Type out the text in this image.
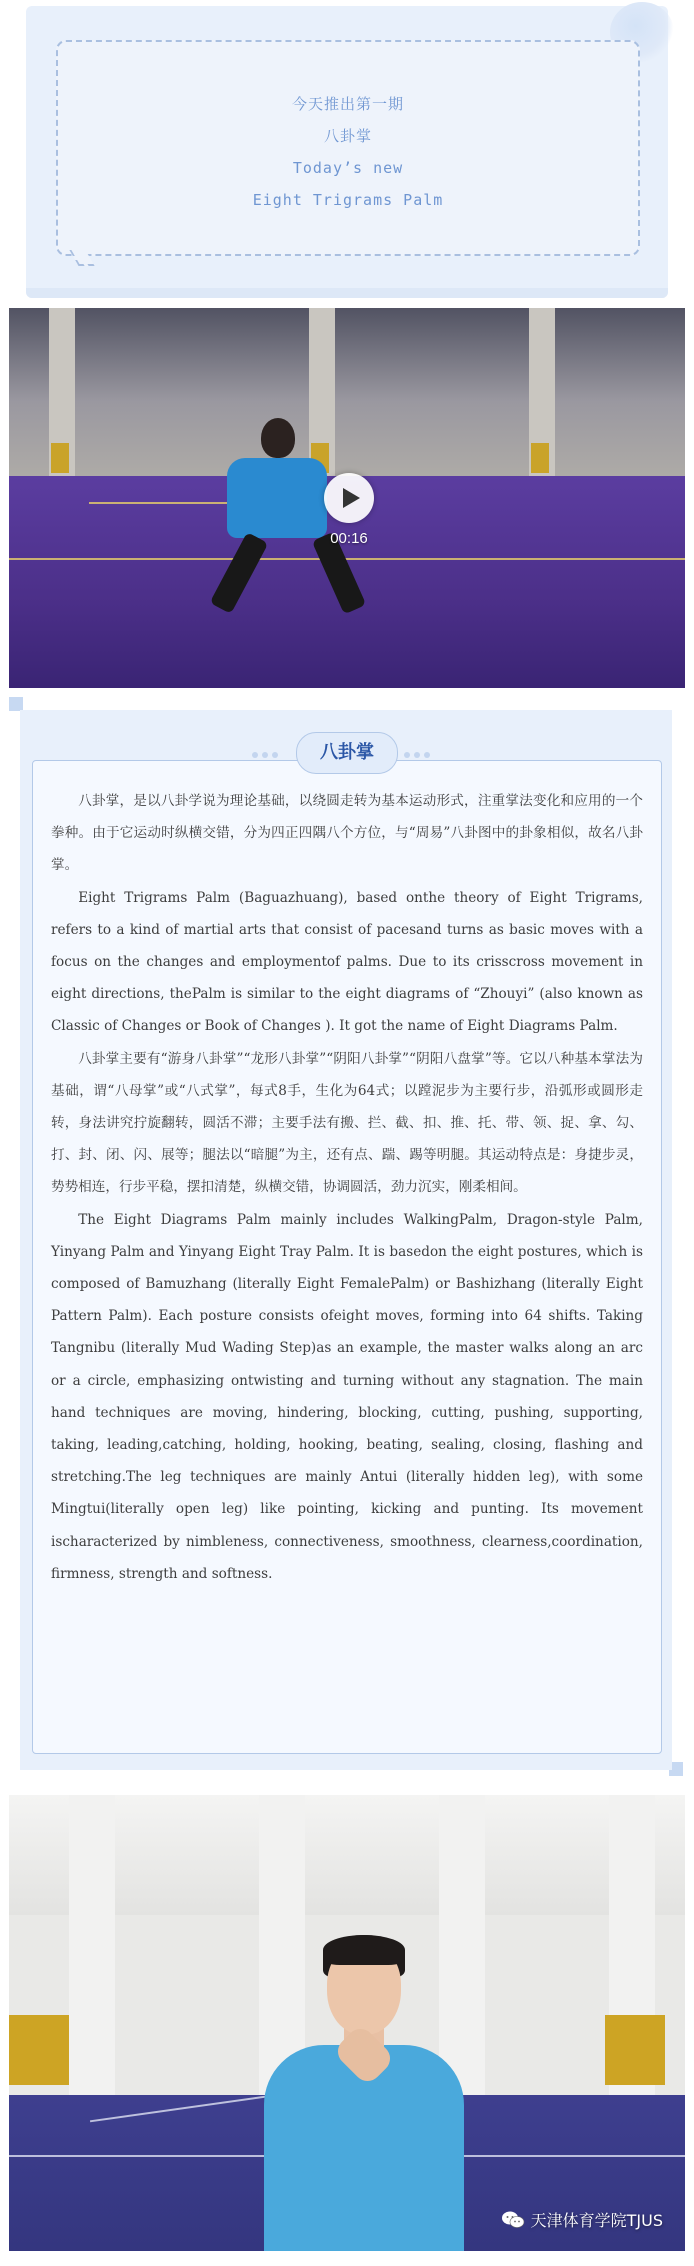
今天推出第一期
八卦掌
Today’s new
Eight Trigrams Palm
00:16
八卦掌

八卦掌，是以八卦学说为理论基础，以绕圆走转为基本运动形式，注重掌法变化和应用的一个拳种。由于它运动时纵横交错，分为四正四隅八个方位，与“周易”八卦图中的卦象相似，故名八卦掌。

Eight Trigrams Palm (Baguazhuang), based onthe theory of Eight Trigrams, refers to a kind of martial arts that consist of pacesand turns as basic moves with a focus on the changes and employmentof palms. Due to its crisscross movement in eight directions, thePalm is similar to the eight diagrams of “Zhouyi” (also known as Classic of Changes or Book of Changes ). It got the name of Eight Diagrams Palm.

八卦掌主要有“游身八卦掌”“龙形八卦掌”“阴阳八卦掌”“阴阳八盘掌”等。它以八种基本掌法为基础，谓“八母掌”或“八式掌”，每式8手，生化为64式；以蹚泥步为主要行步，沿弧形或圆形走转，身法讲究拧旋翻转，圆活不滞；主要手法有搬、拦、截、扣、推、托、带、领、捉、拿、勾、打、封、闭、闪、展等；腿法以“暗腿”为主，还有点、踹、踢等明腿。其运动特点是：身捷步灵，势势相连，行步平稳，摆扣清楚，纵横交错，协调圆活，劲力沉实，刚柔相间。

The Eight Diagrams Palm mainly includes WalkingPalm, Dragon-style Palm, Yinyang Palm and Yinyang Eight Tray Palm. It is basedon the eight postures, which is composed of Bamuzhang (literally Eight FemalePalm) or Bashizhang (literally Eight Pattern Palm). Each posture consists ofeight moves, forming into 64 shifts. Taking Tangnibu (literally Mud Wading Step)as an example, the master walks along an arc or a circle, emphasizing ontwisting and turning without any stagnation. The main hand techniques are moving, hindering, blocking, cutting, pushing, supporting, taking, leading,catching, holding, hooking, beating, sealing, closing, flashing and stretching.The leg techniques are mainly Antui (literally hidden leg), with some Mingtui(literally open leg) like pointing, kicking and punting. Its movement ischaracterized by nimbleness, connectiveness, smoothness, clearness,coordination, firmness, strength and softness.

天津体育学院TJUS
